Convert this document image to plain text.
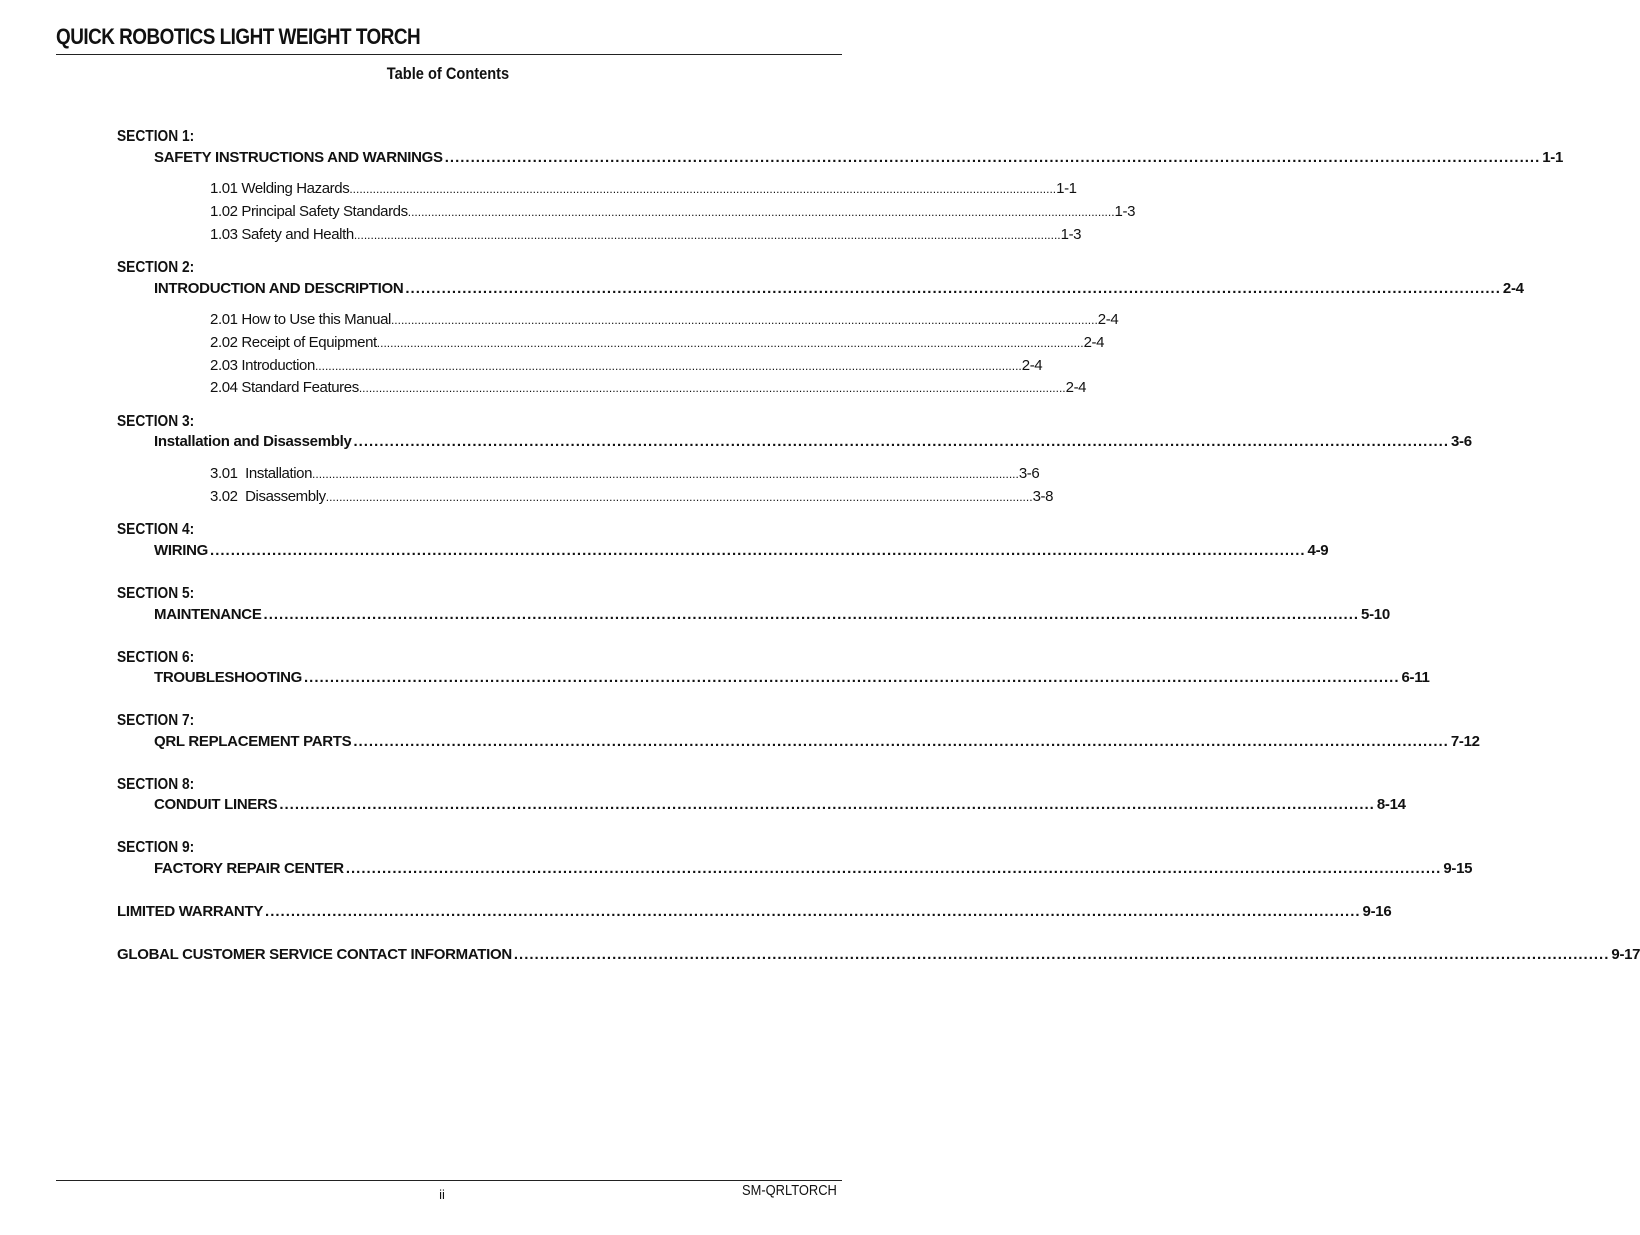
QUICK ROBOTICS LIGHT WEIGHT TORCH
Table of Contents
SECTION 1:
SAFETY INSTRUCTIONS AND WARNINGS .................................................................................................................................................................................................................... 1-1
1.01 Welding Hazards .................................................................................................................................................................................................................... 1-1
1.02 Principal Safety Standards .................................................................................................................................................................................................................... 1-3
1.03 Safety and Health .................................................................................................................................................................................................................... 1-3
SECTION 2:
INTRODUCTION AND DESCRIPTION .................................................................................................................................................................................................................... 2-4
2.01 How to Use this Manual .................................................................................................................................................................................................................... 2-4
2.02 Receipt of Equipment .................................................................................................................................................................................................................... 2-4
2.03 Introduction .................................................................................................................................................................................................................... 2-4
2.04 Standard Features .................................................................................................................................................................................................................... 2-4
SECTION 3:
Installation and Disassembly .................................................................................................................................................................................................................... 3-6
3.01  Installation .................................................................................................................................................................................................................... 3-6
3.02  Disassembly .................................................................................................................................................................................................................... 3-8
SECTION 4:
WIRING .................................................................................................................................................................................................................... 4-9
SECTION 5:
MAINTENANCE .................................................................................................................................................................................................................... 5-10
SECTION 6:
TROUBLESHOOTING .................................................................................................................................................................................................................... 6-11
SECTION 7:
QRL REPLACEMENT PARTS .................................................................................................................................................................................................................... 7-12
SECTION 8:
CONDUIT LINERS .................................................................................................................................................................................................................... 8-14
SECTION 9:
FACTORY REPAIR CENTER .................................................................................................................................................................................................................... 9-15
LIMITED WARRANTY .................................................................................................................................................................................................................... 9-16
GLOBAL CUSTOMER SERVICE CONTACT INFORMATION .................................................................................................................................................................................................................... 9-17
ii	SM-QRLTORCH
